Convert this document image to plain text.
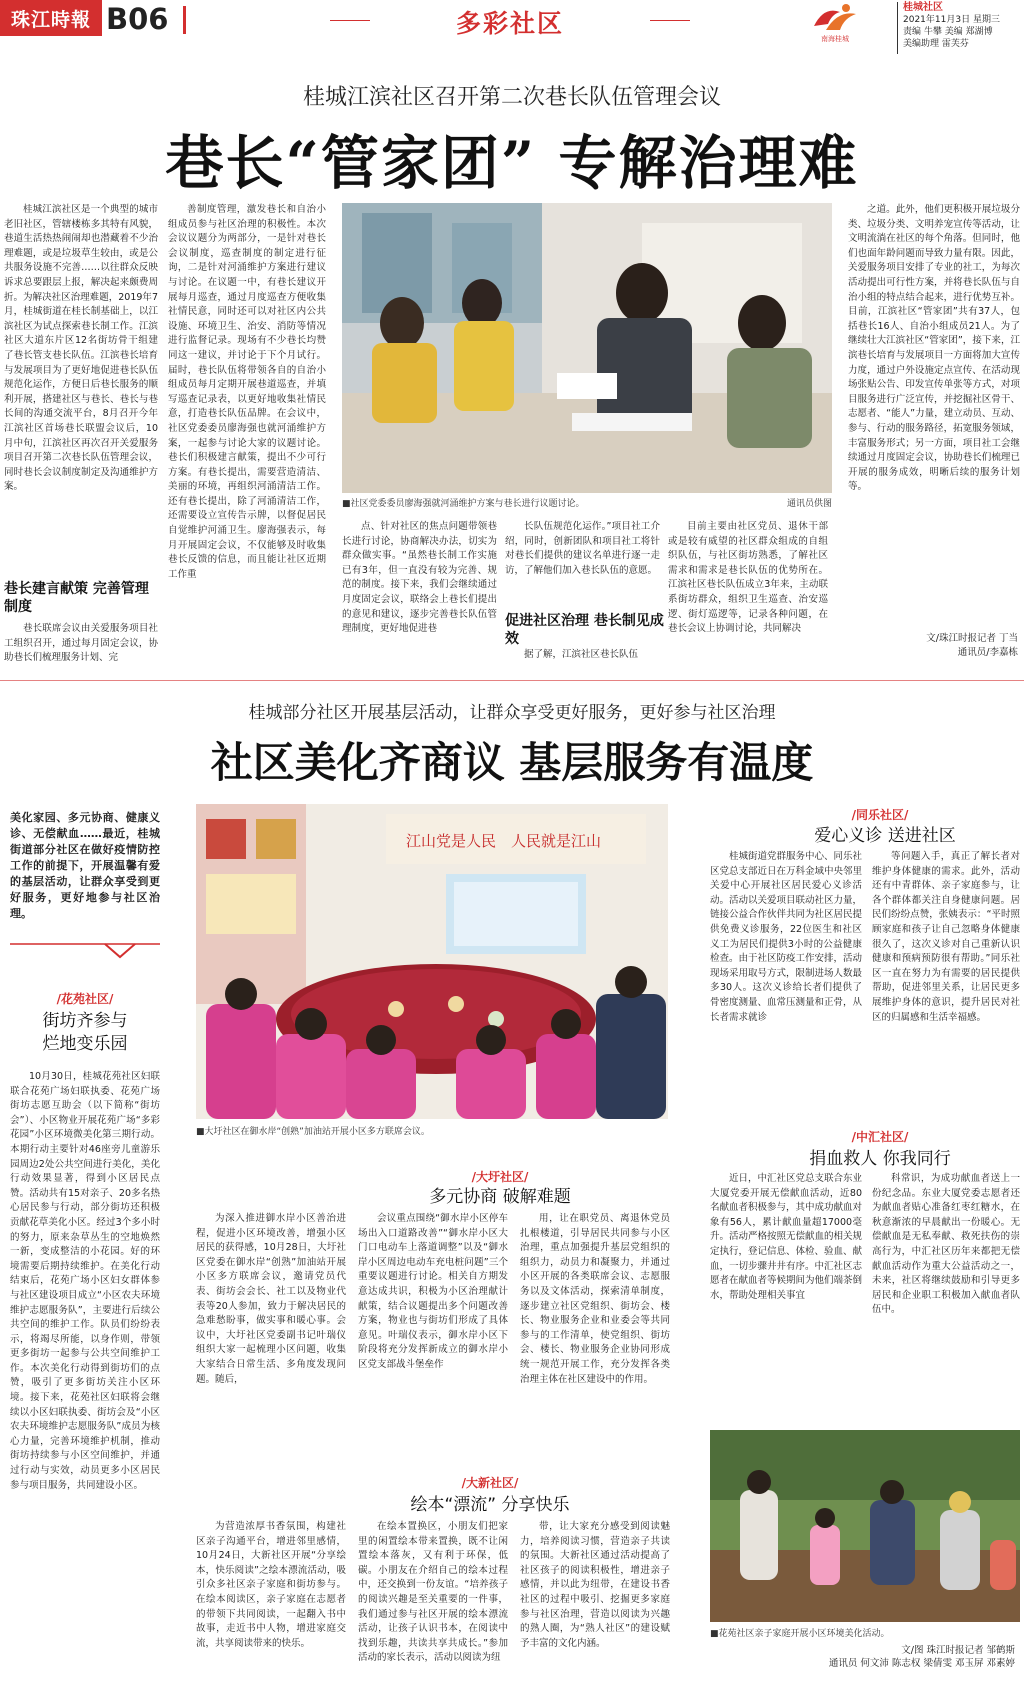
珠江時報 B06	多彩社区
南海桂城
桂城社区
2021年11月3日 星期三
责编 牛攀 美编 郑湖博
美编助理 雷芙芬
桂城江滨社区召开第二次巷长队伍管理会议
巷长“管家团” 专解治理难

桂城江滨社区是一个典型的城市老旧社区，管辖楼栋多其特有风貌，巷道生活热热闹闹却也潜藏着不少治理难题，或是垃圾草生较由，或是公共服务设施不完善……以往群众反映诉求总要跟层上报，解决起来颇费周折。为解决社区治理难题，2019年7月，桂城街道在桂长制基础上，以江滨社区为试点探索巷长制工作。江滨社区大道东片区12名街坊骨干组建了巷长管支巷长队伍。江滨巷长培育与发展项目为了更好地促进巷长队伍规范化运作，方便日后巷长服务的顺利开展，搭建社区与巷长、巷长与巷长间的沟通交流平台，8月召开今年江滨社区首场巷长联盟会议后，10月中旬，江滨社区再次召开关爱服务项目召开第二次巷长队伍管理会议，同时巷长会议制度制定及沟通维护方案。

巷长建言献策 完善管理制度

巷长联席会议由关爱服务项目社工组织召开，通过每月固定会议，协助巷长们梳理服务计划、完

善制度管理，激发巷长和自治小组成员参与社区治理的积极性。本次会议议题分为两部分，一是针对巷长会议制度，巡查制度的制定进行征询，二是针对河涌维护方案进行建议与讨论。在议题一中，有巷长建议开展每月巡查，通过月度巡查方便收集社情民意，同时还可以对社区内公共设施、环境卫生、治安、消防等情况进行监督记录。现场有不少巷长均赞同这一建议，并讨论于下个月试行。届时，巷长队伍将带领各自的自治小组成员每月定期开展巷道巡查，并填写巡查记录表，以更好地收集社情民意，打造巷长队伍品牌。在会议中，社区党委委员廖海强也就河涌维护方案，一起参与讨论大家的议题讨论。巷长们积极建言献策，提出不少可行方案。有巷长提出，需要营造清洁、美丽的环境，再组织河涌清洁工作。还有巷长提出，除了河涌清洁工作，还需要设立宣传告示牌，以督促居民自觉维护河涌卫生。廖海强表示，每月开展固定会议，不仅能够及时收集巷长反馈的信息，而且能让社区近期工作重

■社区党委委员廖海强就河涌维护方案与巷长进行议题讨论。	通讯员供图

点、针对社区的焦点问题带领巷长进行讨论，协商解决办法，切实为群众做实事。“虽然巷长制工作实施已有3年，但一直没有较为完善、规范的制度。接下来，我们会继续通过月度固定会议，联络会上巷长们提出的意见和建议，逐步完善巷长队伍管理制度，更好地促进巷

长队伍规范化运作。”项目社工介绍，同时，创新团队和项目社工将针对巷长们提供的建议名单进行逐一走访，了解他们加入巷长队伍的意愿。

促进社区治理 巷长制见成效

据了解，江滨社区巷长队伍

目前主要由社区党员、退休干部或是较有威望的社区群众组成的自组织队伍，与社区街坊熟悉，了解社区需求和需求是巷长队伍的优势所在。江滨社区巷长队伍成立3年来，主动联系街坊群众，组织卫生巡查、治安巡逻、街灯巡逻等，记录各种问题，在巷长会议上协调讨论，共同解决

之道。此外，他们更积极开展垃圾分类、垃圾分类、文明养宠宣传等活动，让文明流淌在社区的每个角落。但同时，他们也面年龄问题而导致力量有限。因此，关爱服务项目安排了专业的社工，为每次活动提出可行性方案，并将巷长队伍与自治小组的特点结合起来，进行优势互补。目前，江滨社区“管家团”共有37人，包括巷长16人、自治小组成员21人。为了继续壮大江滨社区“管家团”，接下来，江滨巷长培育与发展项目一方面将加大宣传力度，通过户外设施定点宣传、在活动现场张贴公告、印发宣传单张等方式，对项目服务进行广泛宣传，并挖掘社区骨干、志愿者、“能人”力量，建立动员、互动、参与、行动的服务路径，拓宽服务领域，丰富服务形式；另一方面，项目社工会继续通过月度固定会议，协助巷长们梳理已开展的服务成效，明晰后续的服务计划等。

文/珠江时报记者 丁当
通讯员/李嘉栋
桂城部分社区开展基层活动，让群众享受更好服务，更好参与社区治理
社区美化齐商议 基层服务有温度
美化家园、多元协商、健康义诊、无偿献血……最近，桂城街道部分社区在做好疫情防控工作的前提下，开展温馨有爱的基层活动，让群众享受到更好服务，更好地参与社区治理。
江山党是人民　人民就是江山
■大圩社区在御水岸“创熟”加油站开展小区多方联席会议。
/花苑社区/
街坊齐参与
烂地变乐园

10月30日，桂城花苑社区妇联联合花苑广场妇联执委、花苑广场街坊志愿互助会（以下简称“街坊会”）、小区物业开展花苑广场“多彩花园”小区环境微美化第三期行动。本期行动主要针对46座旁儿童游乐园周边2处公共空间进行美化，美化行动效果显著，得到小区居民点赞。活动共有15对亲子、20多名热心居民参与行动，部分街坊还积极贡献花草美化小区。经过3个多小时的努力，原来杂草丛生的空地焕然一新，变成整洁的小花园。好的环境需要后期持续维护。在美化行动结束后，花苑广场小区妇女群体参与社区建设项目成立“小区农夫环境维护志愿服务队”，主要进行后续公共空间的维护工作。队员们纷纷表示，将竭尽所能，以身作则，带领更多街坊一起参与公共空间维护工作。本次美化行动得到街坊们的点赞，吸引了更多街坊关注小区环境。接下来，花苑社区妇联将会继续以小区妇联执委、街坊会及“小区农夫环境维护志愿服务队”成员为核心力量，完善环境维护机制，推动街坊持续参与小区空间维护，并通过行动与实效，动员更多小区居民参与项目服务，共同建设小区。

/同乐社区/
爱心义诊 送进社区

桂城街道党群服务中心、同乐社区党总支部近日在万科金域中央邻里关爱中心开展社区居民爱心义诊活动。活动以关爱项目联动社区力量，链接公益合作伙伴共同为社区居民提供免费义诊服务，22位医生和社区义工为居民们提供3小时的公益健康检查。由于社区防疫工作安排，活动现场采用取号方式，限制进场人数最多30人。这次义诊给长者们提供了骨密度测量、血常压测量和正骨，从长者需求就诊

等问题入手，真正了解长者对维护身体健康的需求。此外，活动还有中青群体、亲子家庭参与，让各个群体都关注自身健康问题。居民们纷纷点赞，张姨表示：“平时照顾家庭和孩子让自己忽略身体健康很久了，这次义诊对自己重新认识健康和预病预防很有帮助。”同乐社区一直在努力为有需要的居民提供帮助，促进邻里关系，让居民更多展维护身体的意识，提升居民对社区的归属感和生活幸福感。

/大圩社区/
多元协商 破解难题

为深入推进御水岸小区善治进程，促进小区环境改善，增强小区居民的获得感，10月28日，大圩社区党委在御水岸“创熟”加油站开展小区多方联席会议，邀请党员代表、街坊会会长、社工以及物业代表等20人参加，致力于解决居民的急难愁盼事，做实事和暖心事。会议中，大圩社区党委副书记叶瑞仪组织大家一起梳理小区问题，收集大家结合日常生活、多角度发现问题。随后，

会议重点围绕“御水岸小区停车场出入口道路改善”“御水岸小区大门口电动车上落道调整”以及“御水岸小区周边电动车充电桩问题”三个重要议题进行讨论。相关自方期发意达成共识，积极为小区治理献计献策，结合议题提出多个问题改善方案，物业也与街坊们形成了具体意见。叶瑞仪表示，御水岸小区下阶段将充分发挥新成立的御水岸小区党支部战斗堡垒作

用，让在职党员、离退休党员扎根楼道，引导居民共同参与小区治理，重点加强提升基层党组织的组织力，动员力和凝聚力，并通过小区开展的各类联席会议、志愿服务以及文体活动，探索清单制度，逐步建立社区党组织、街坊会、楼长、物业服务企业和业委会等共同参与的工作清单，使党组织、街坊会、楼长、物业服务企业协同形成统一规范开展工作，充分发挥各类治理主体在社区建设中的作用。

/中汇社区/
捐血救人 你我同行

近日，中汇社区党总支联合东业大厦党委开展无偿献血活动，近80名献血者积极参与，其中成功献血对象有56人，累计献血量超17000毫升。活动严格按照无偿献血的相关规定执行，登记信息、体检、验血、献血，一切步骤井井有序。中汇社区志愿者在献血者等候期间为他们端茶倒水，帮助处理相关事宜

科常识，为成功献血者送上一份纪念品。东业大厦党委志愿者还为献血者贴心准备红枣红糖水，在秋意渐浓的早晨献出一份暖心。无偿献血是无私奉献、救死扶伤的崇高行为，中汇社区历年来都把无偿献血活动作为重大公益活动之一，未来，社区将继续鼓励和引导更多居民和企业职工积极加入献血者队伍中。

/大新社区/
绘本“漂流” 分享快乐

为营造浓厚书香氛围，构建社区亲子沟通平台，增进邻里感情，10月24日，大新社区开展“分享绘本，快乐阅读”之绘本漂流活动，吸引众多社区亲子家庭和街坊参与。在绘本阅读区，亲子家庭在志愿者的带领下共同阅读，一起翻入书中故事，走近书中人物，增进家庭交流，共享阅读带来的快乐。

在绘本置换区，小朋友们把家里的闲置绘本带来置换，既不让闲置绘本落灰，又有利于环保，低碳。小朋友在介绍自己的绘本过程中，还交换到一份友谊。“培养孩子的阅读兴趣是至关重要的一件事，我们通过参与社区开展的绘本漂流活动，让孩子认识书本，在阅读中找到乐趣，共读共享共成长。”参加活动的家长表示，活动以阅读为纽

带，让大家充分感受到阅读魅力，培养阅读习惯，营造亲子共读的氛围。大新社区通过活动提高了社区孩子的阅读积极性，增进亲子感情，并以此为纽带，在建设书香社区的过程中吸引、挖掘更多家庭参与社区治理，营造以阅读为兴趣的熟人圈，为“熟人社区”的建设赋予丰富的文化内涵。

■花苑社区亲子家庭开展小区环境美化活动。
文/图 珠江时报记者 邹鹤斯
通讯员 何文沛 陈志权 梁倩雯 邓玉屏 邓素婷
